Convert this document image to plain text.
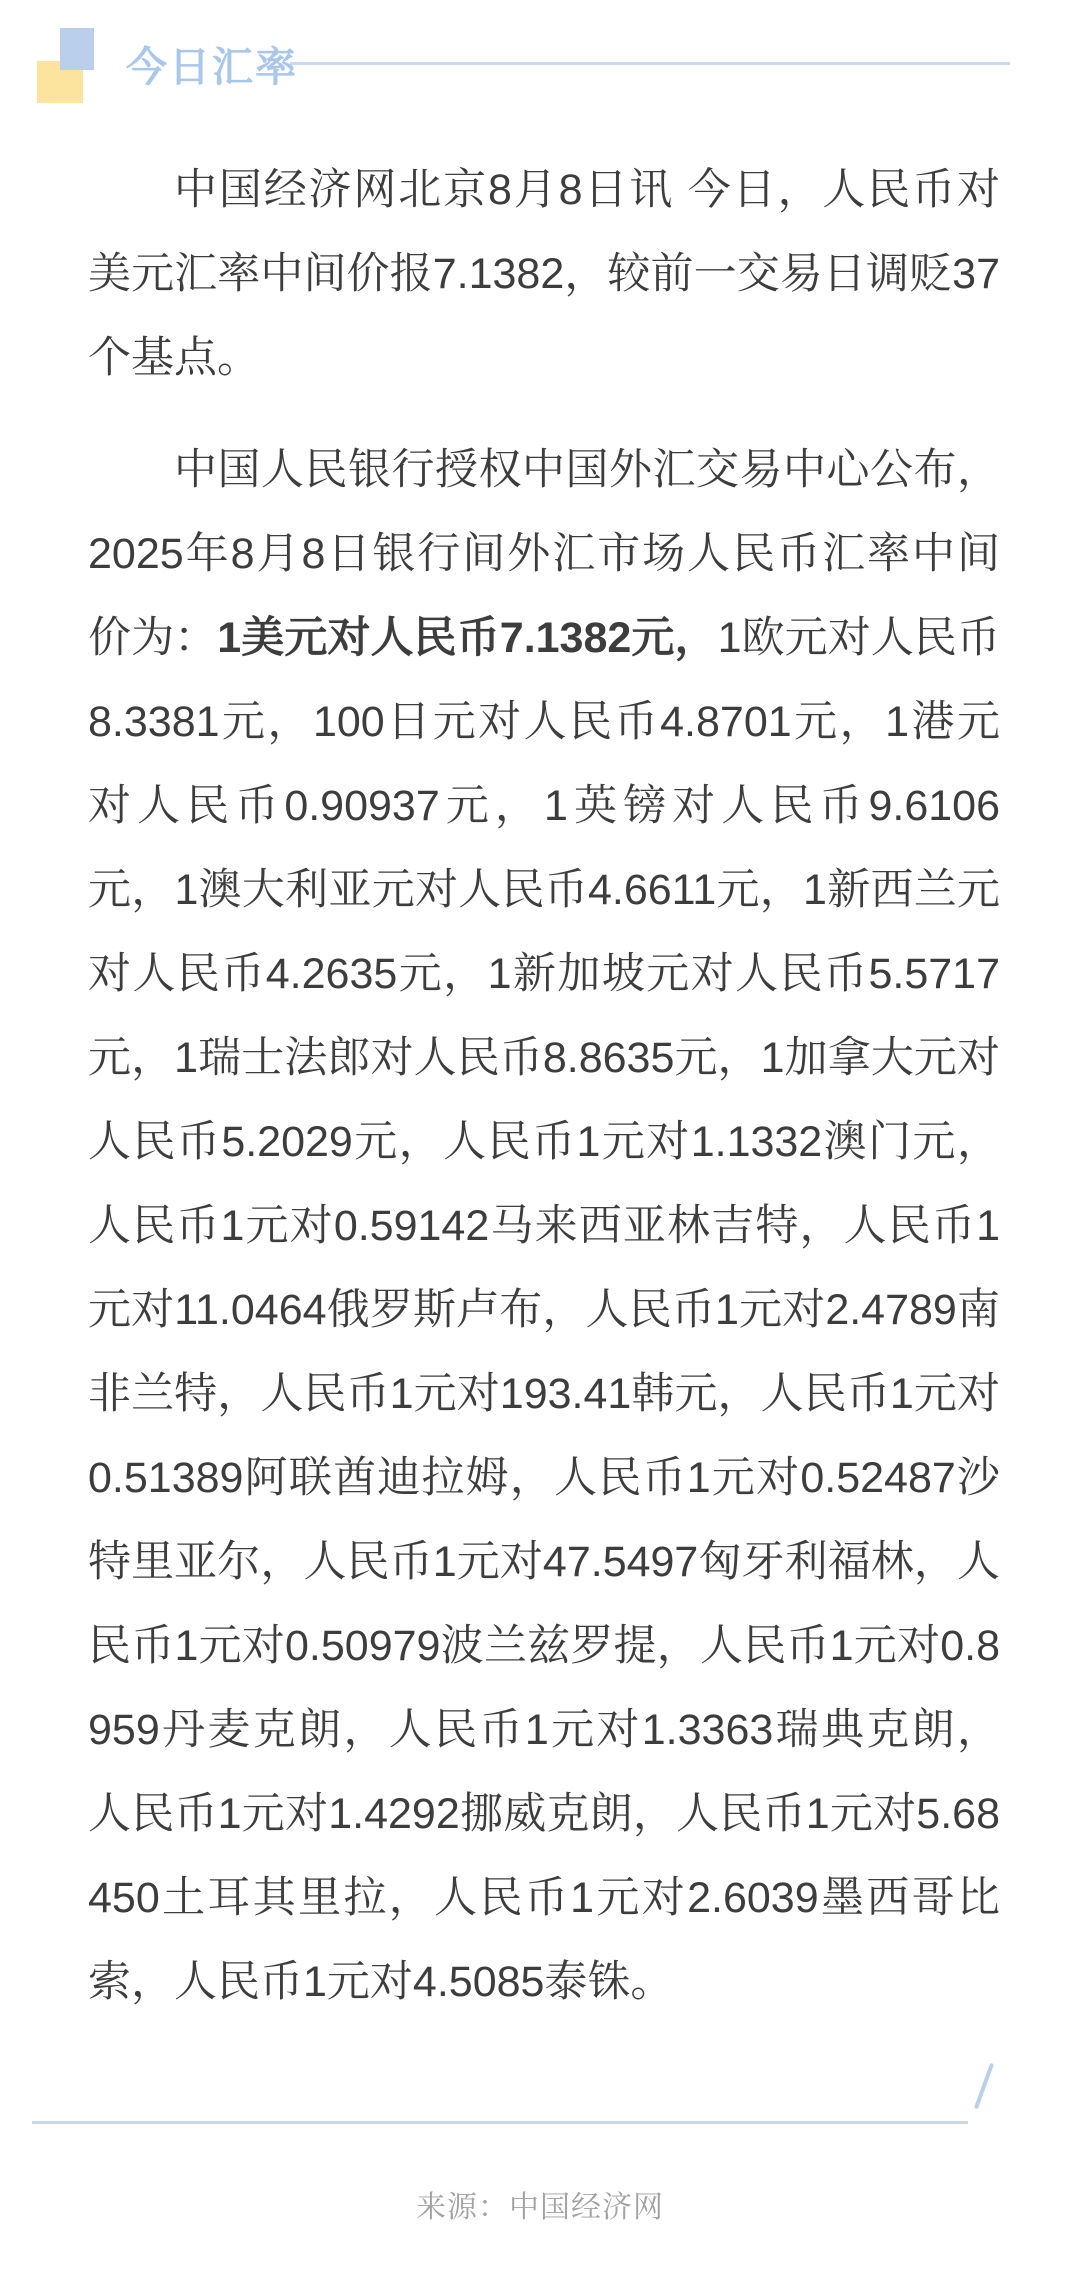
今日汇率

中国经济网北京8月8日讯 今日，人民币对美元汇率中间价报7.1382，较前一交易日调贬37个基点。

中国人民银行授权中国外汇交易中心公布，2025年8月8日银行间外汇市场人民币汇率中间价为：1美元对人民币7.1382元，1欧元对人民币8.3381元，100日元对人民币4.8701元，1港元对人民币0.90937元，1英镑对人民币9.6106元，1澳大利亚元对人民币4.6611元，1新西兰元对人民币4.2635元，1新加坡元对人民币5.5717元，1瑞士法郎对人民币8.8635元，1加拿大元对人民币5.2029元，人民币1元对1.1332澳门元，人民币1元对0.59142马来西亚林吉特，人民币1元对11.0464俄罗斯卢布，人民币1元对2.4789南非兰特，人民币1元对193.41韩元，人民币1元对0.51389阿联酋迪拉姆，人民币1元对0.52487沙特里亚尔，人民币1元对47.5497匈牙利福林，人民币1元对0.50979波兰兹罗提，人民币1元对0.8959丹麦克朗，人民币1元对1.3363瑞典克朗，人民币1元对1.4292挪威克朗，人民币1元对5.68450土耳其里拉，人民币1元对2.6039墨西哥比索，人民币1元对4.5085泰铢。

来源：中国经济网
